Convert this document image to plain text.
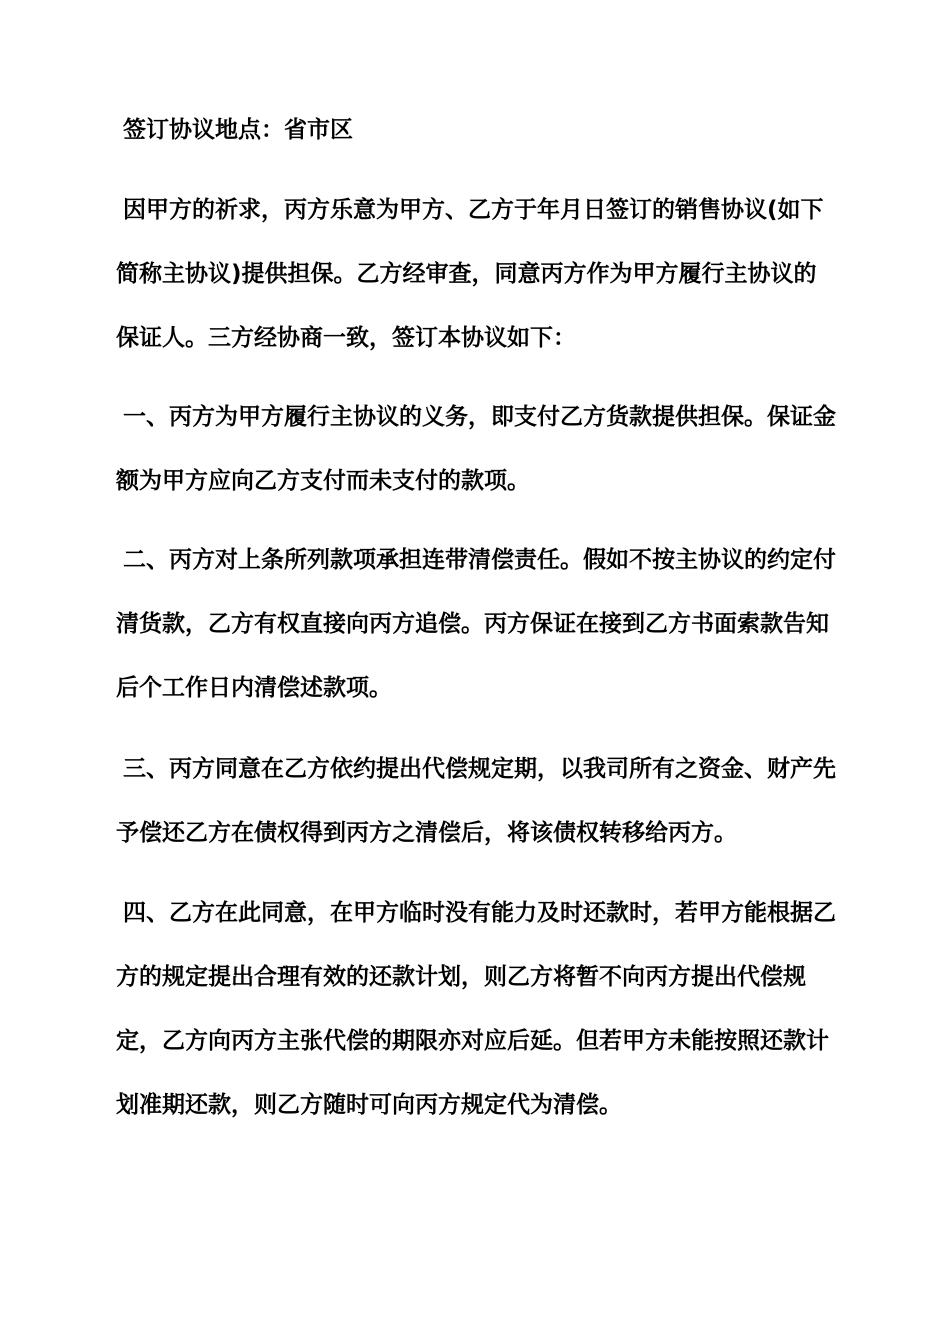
签订协议地点：省市区

因甲方的祈求，丙方乐意为甲方、乙方于年月日签订的销售协议(如下简称主协议)提供担保。乙方经审查，同意丙方作为甲方履行主协议的保证人。三方经协商一致，签订本协议如下：

一、丙方为甲方履行主协议的义务，即支付乙方货款提供担保。保证金额为甲方应向乙方支付而未支付的款项。

二、丙方对上条所列款项承担连带清偿责任。假如不按主协议的约定付清货款，乙方有权直接向丙方追偿。丙方保证在接到乙方书面索款告知后个工作日内清偿述款项。

三、丙方同意在乙方依约提出代偿规定期，以我司所有之资金、财产先予偿还乙方在债权得到丙方之清偿后，将该债权转移给丙方。

四、乙方在此同意，在甲方临时没有能力及时还款时，若甲方能根据乙方的规定提出合理有效的还款计划，则乙方将暂不向丙方提出代偿规定，乙方向丙方主张代偿的期限亦对应后延。但若甲方未能按照还款计划准期还款，则乙方随时可向丙方规定代为清偿。
